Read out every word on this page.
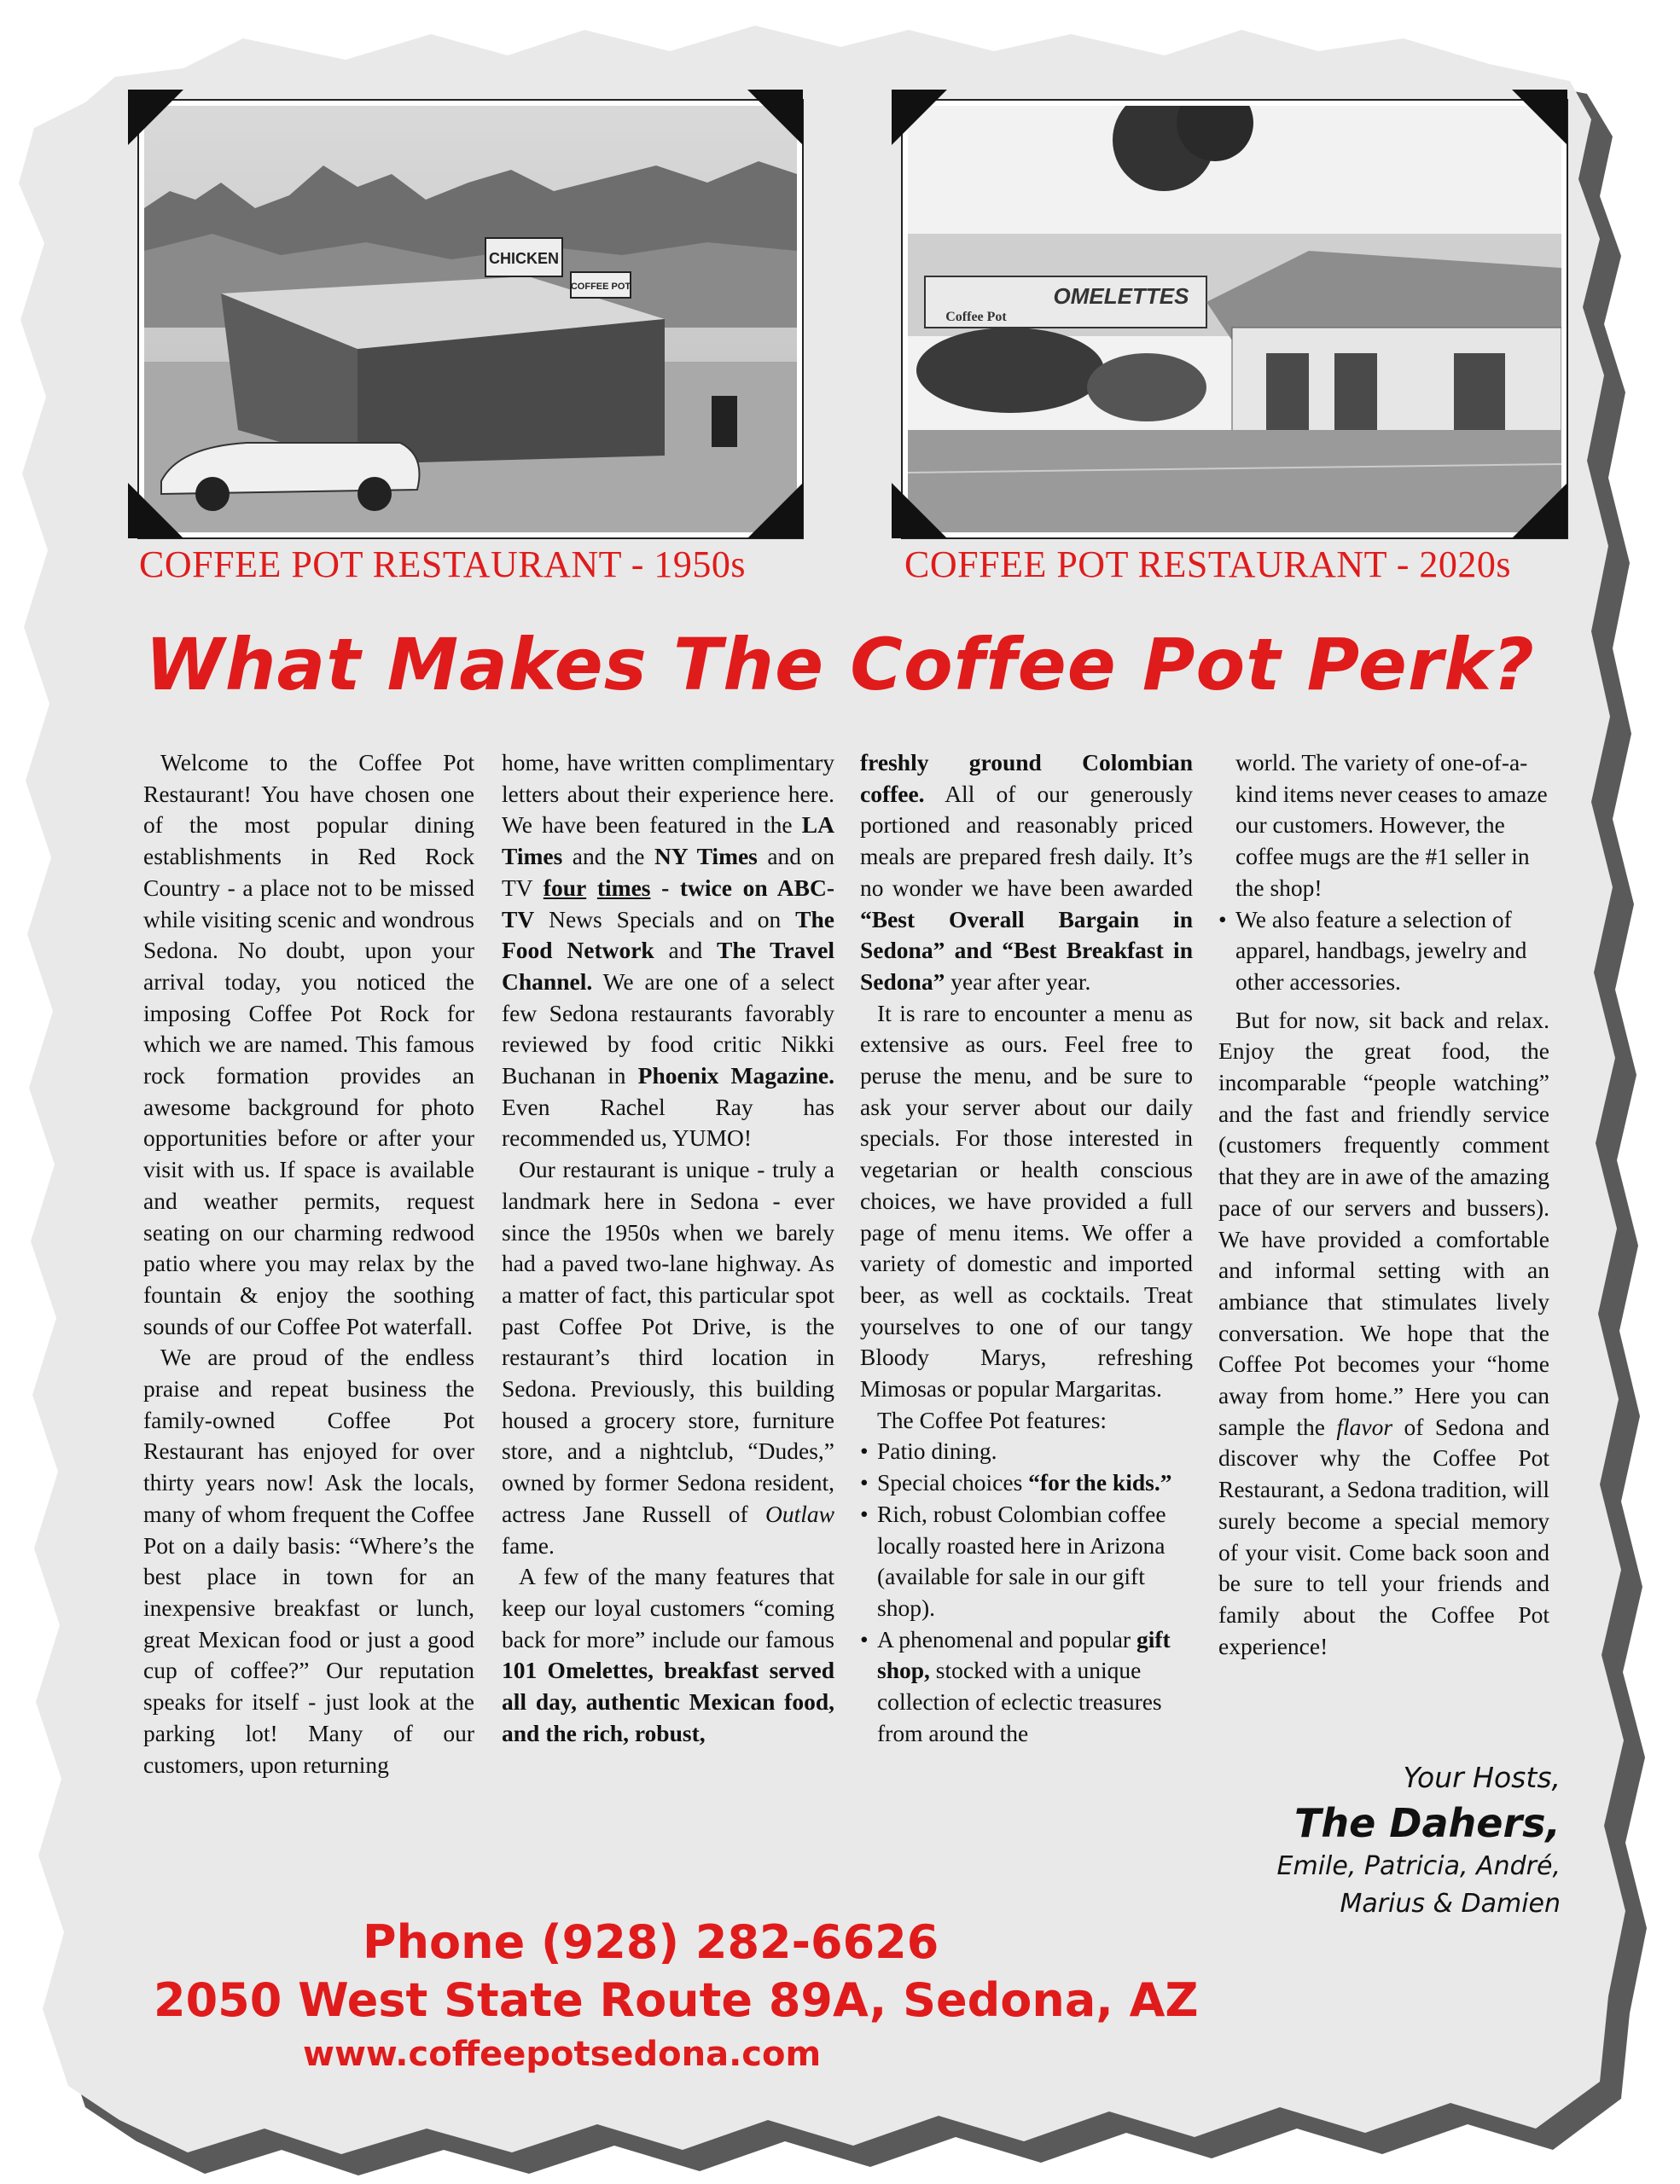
CHICKEN
COFFEE POT	OMELETTES
Coffee Pot
COFFEE POT RESTAURANT - 1950s	COFFEE POT RESTAURANT - 2020s
What Makes The Coffee Pot Perk?

Welcome to the Coffee Pot Restaurant! You have chosen one of the most popular dining establishments in Red Rock Country - a place not to be missed while visiting scenic and wondrous Sedona. No doubt, upon your arrival today, you noticed the imposing Coffee Pot Rock for which we are named. This famous rock formation provides an awesome background for photo opportunities before or after your visit with us. If space is available and weather permits, request seating on our charming redwood patio where you may relax by the fountain & enjoy the soothing sounds of our Coffee Pot waterfall.

We are proud of the endless praise and repeat business the family-owned Coffee Pot Restaurant has enjoyed for over thirty years now! Ask the locals, many of whom frequent the Coffee Pot on a daily basis: “Where’s the best place in town for an inexpensive breakfast or lunch, great Mexican food or just a good cup of coffee?” Our reputation speaks for itself - just look at the parking lot! Many of our customers, upon returning

home, have written complimentary letters about their experience here. We have been featured in the LA Times and the NY Times and on TV four times - twice on ABC-TV News Specials and on The Food Network and The Travel Channel. We are one of a select few Sedona restaurants favorably reviewed by food critic Nikki Buchanan in Phoenix Magazine. Even Rachel Ray has recommended us, YUMO!

Our restaurant is unique - truly a landmark here in Sedona - ever since the 1950s when we barely had a paved two-lane highway. As a matter of fact, this particular spot past Coffee Pot Drive, is the restaurant’s third location in Sedona. Previously, this building housed a grocery store, furniture store, and a nightclub, “Dudes,” owned by former Sedona resident, actress Jane Russell of Outlaw fame.

A few of the many features that keep our loyal customers “coming back for more” include our famous 101 Omelettes, breakfast served all day, authentic Mexican food, and the rich, robust,

freshly ground Colombian coffee. All of our generously portioned and reasonably priced meals are prepared fresh daily. It’s no wonder we have been awarded “Best Overall Bargain in Sedona” and “Best Breakfast in Sedona” year after year.

It is rare to encounter a menu as extensive as ours. Feel free to peruse the menu, and be sure to ask your server about our daily specials. For those interested in vegetarian or health conscious choices, we have provided a full page of menu items. We offer a variety of domestic and imported beer, as well as cocktails. Treat yourselves to one of our tangy Bloody Marys, refreshing Mimosas or popular Margaritas.

The Coffee Pot features:

• Patio dining.
• Special choices “for the kids.”
• Rich, robust Colombian coffee locally roasted here in Arizona (available for sale in our gift shop).
• A phenomenal and popular gift shop, stocked with a unique collection of eclectic treasures from around the

world. The variety of one-of-a-kind items never ceases to amaze our customers. However, the coffee mugs are the #1 seller in the shop!

• We also feature a selection of apparel, handbags, jewelry and other accessories.

But for now, sit back and relax. Enjoy the great food, the incomparable “people watching” and the fast and friendly service (customers frequently comment that they are in awe of the amazing pace of our servers and bussers). We have provided a comfortable and informal setting with an ambiance that stimulates lively conversation. We hope that the Coffee Pot becomes your “home away from home.” Here you can sample the flavor of Sedona and discover why the Coffee Pot Restaurant, a Sedona tradition, will surely become a special memory of your visit. Come back soon and be sure to tell your friends and family about the Coffee Pot experience!

Your Hosts,
The Dahers,
Emile, Patricia, André,
Marius & Damien
Phone (928) 282-6626
2050 West State Route 89A, Sedona, AZ
www.coffeepotsedona.com
